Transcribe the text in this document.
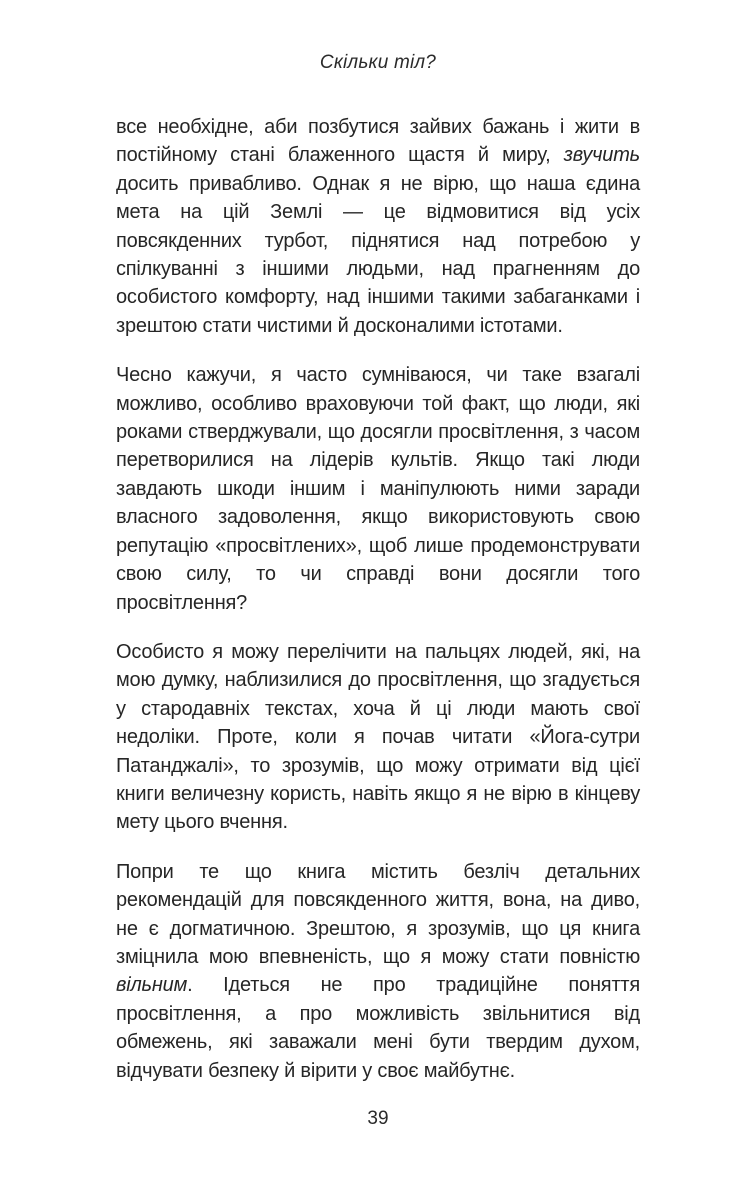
Скільки тіл?

все необхідне, аби позбутися зайвих бажань і жити в постійному стані блаженного щастя й миру, звучить досить привабливо. Однак я не вірю, що наша єдина мета на цій Землі — це відмовитися від усіх повсякденних турбот, піднятися над потребою у спілкуванні з іншими людьми, над прагненням до особистого комфорту, над іншими такими забаганками і зрештою стати чистими й досконалими істотами.

Чесно кажучи, я часто сумніваюся, чи таке взагалі можливо, особливо враховуючи той факт, що люди, які роками стверджували, що досягли просвітлення, з часом перетворилися на лідерів культів. Якщо такі люди завдають шкоди іншим і маніпулюють ними заради власного задоволення, якщо використовують свою репутацію «просвітлених», щоб лише продемонструвати свою силу, то чи справді вони досягли того просвітлення?

Особисто я можу перелічити на пальцях людей, які, на мою думку, наблизилися до просвітлення, що згадується у стародавніх текстах, хоча й ці люди мають свої недоліки. Проте, коли я почав читати «Йога-сутри Патанджалі», то зрозумів, що можу отримати від цієї книги величезну користь, навіть якщо я не вірю в кінцеву мету цього вчення.

Попри те що книга містить безліч детальних рекомендацій для повсякденного життя, вона, на диво, не є догматичною. Зрештою, я зрозумів, що ця книга зміцнила мою впевненість, що я можу стати повністю вільним. Ідеться не про традиційне поняття просвітлення, а про можливість звільнитися від обмежень, які заважали мені бути твердим духом, відчувати безпеку й вірити у своє майбутнє.

39
